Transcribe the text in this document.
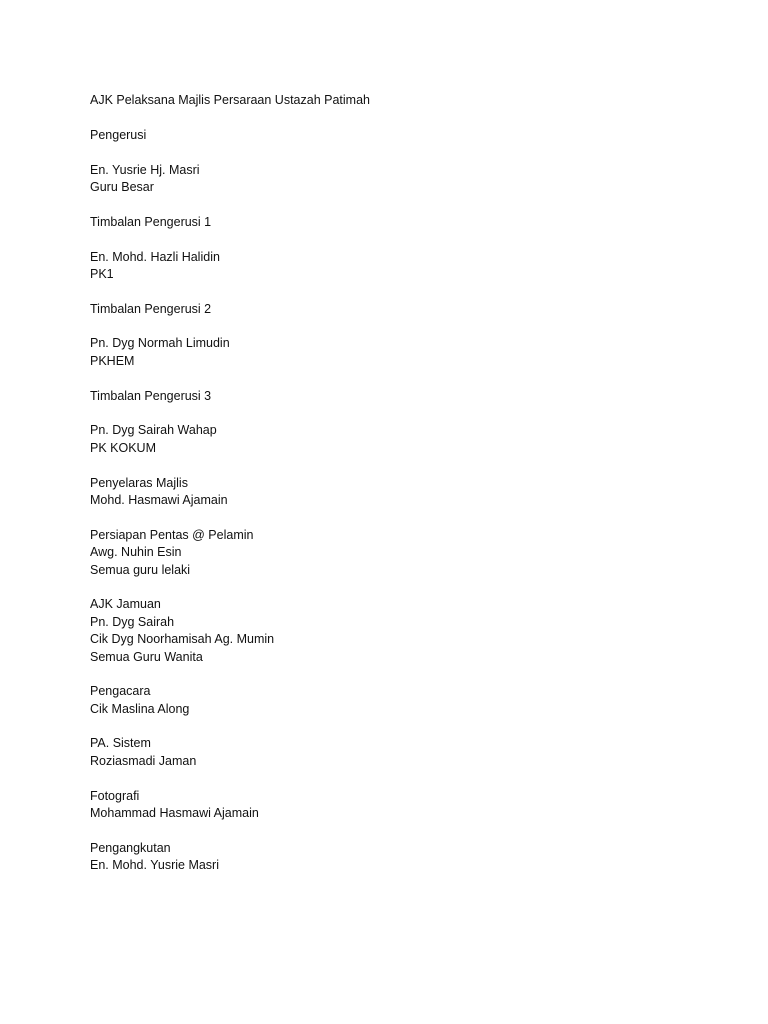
AJK Pelaksana Majlis Persaraan Ustazah Patimah
Pengerusi
En. Yusrie Hj. Masri
Guru Besar
Timbalan Pengerusi 1
En. Mohd. Hazli Halidin
PK1
Timbalan Pengerusi 2
Pn. Dyg Normah Limudin
PKHEM
Timbalan Pengerusi 3
Pn. Dyg Sairah Wahap
PK KOKUM
Penyelaras Majlis
Mohd. Hasmawi Ajamain
Persiapan Pentas @ Pelamin
Awg. Nuhin Esin
Semua guru lelaki
AJK Jamuan
Pn. Dyg Sairah
Cik Dyg Noorhamisah Ag. Mumin
Semua Guru Wanita
Pengacara
Cik Maslina Along
PA. Sistem
Roziasmadi Jaman
Fotografi
Mohammad Hasmawi Ajamain
Pengangkutan
En. Mohd. Yusrie Masri
